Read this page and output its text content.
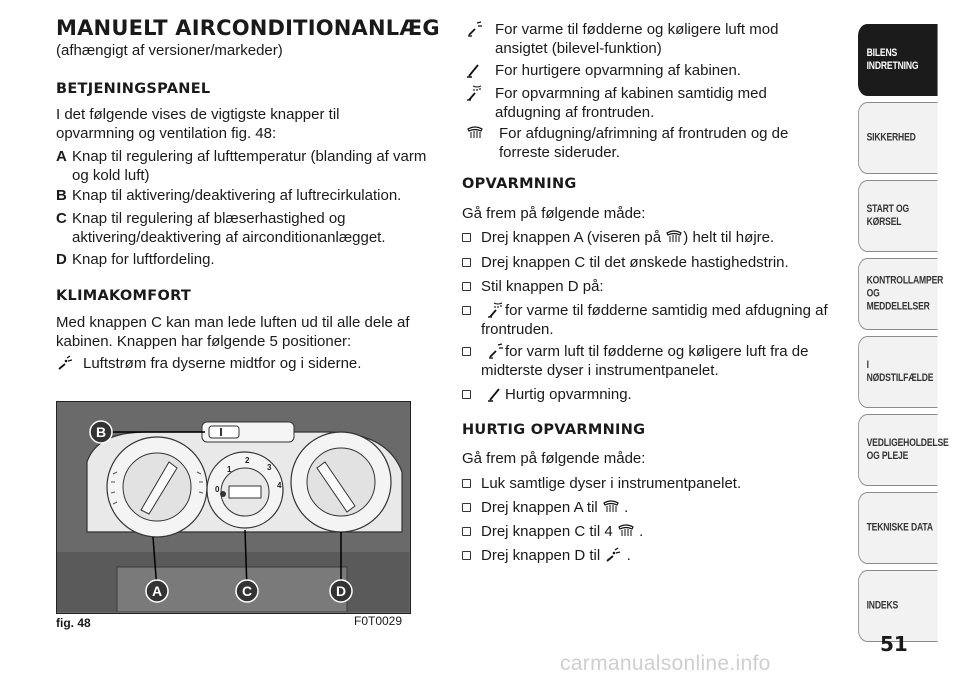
MANUELT AIRCONDITIONANLÆG
(afhængigt af versioner/markeder)
BETJENINGSPANEL
I det følgende vises de vigtigste knapper til opvarmning og ventilation fig. 48:
A Knap til regulering af lufttemperatur (blanding af varm og kold luft)
B Knap til aktivering/deaktivering af luftrecirkulation.
C Knap til regulering af blæserhastighed og aktivering/deaktivering af airconditionanlægget.
D Knap for luftfordeling.
KLIMAKOMFORT
Med knappen C kan man lede luften ud til alle dele af kabinen. Knappen har følgende 5 positioner:
Luftstrøm fra dyserne midtfor og i siderne.
For varme til fødderne og køligere luft mod ansigtet (bilevel-funktion)
For hurtigere opvarmning af kabinen.
For opvarmning af kabinen samtidig med afdugning af frontruden.
For afdugning/afrimning af frontruden og de forreste sideruder.
OPVARMNING
Gå frem på følgende måde:
Drej knappen A (viseren på ) helt til højre.
Drej knappen C til det ønskede hastighedstrin.
Stil knappen D på:
for varme til fødderne samtidig med afdugning af frontruden.
for varm luft til fødderne og køligere luft fra de midterste dyser i instrumentpanelet.
Hurtig opvarmning.
HURTIG OPVARMNING
Gå frem på følgende måde:
Luk samtlige dyser i instrumentpanelet.
Drej knappen A til .
Drej knappen C til 4 .
Drej knappen D til .
B
A	C	D
0
1
2
3
4
fig. 48	F0T0029
BILENS INDRETNING
SIKKERHED
START OG KØRSEL
KONTROLLAMPER OG MEDDELELSER
I NØDSTILFÆLDE
VEDLIGEHOLDELSE OG PLEJE
TEKNISKE DATA
INDEKS
51
carmanualsonline.info
